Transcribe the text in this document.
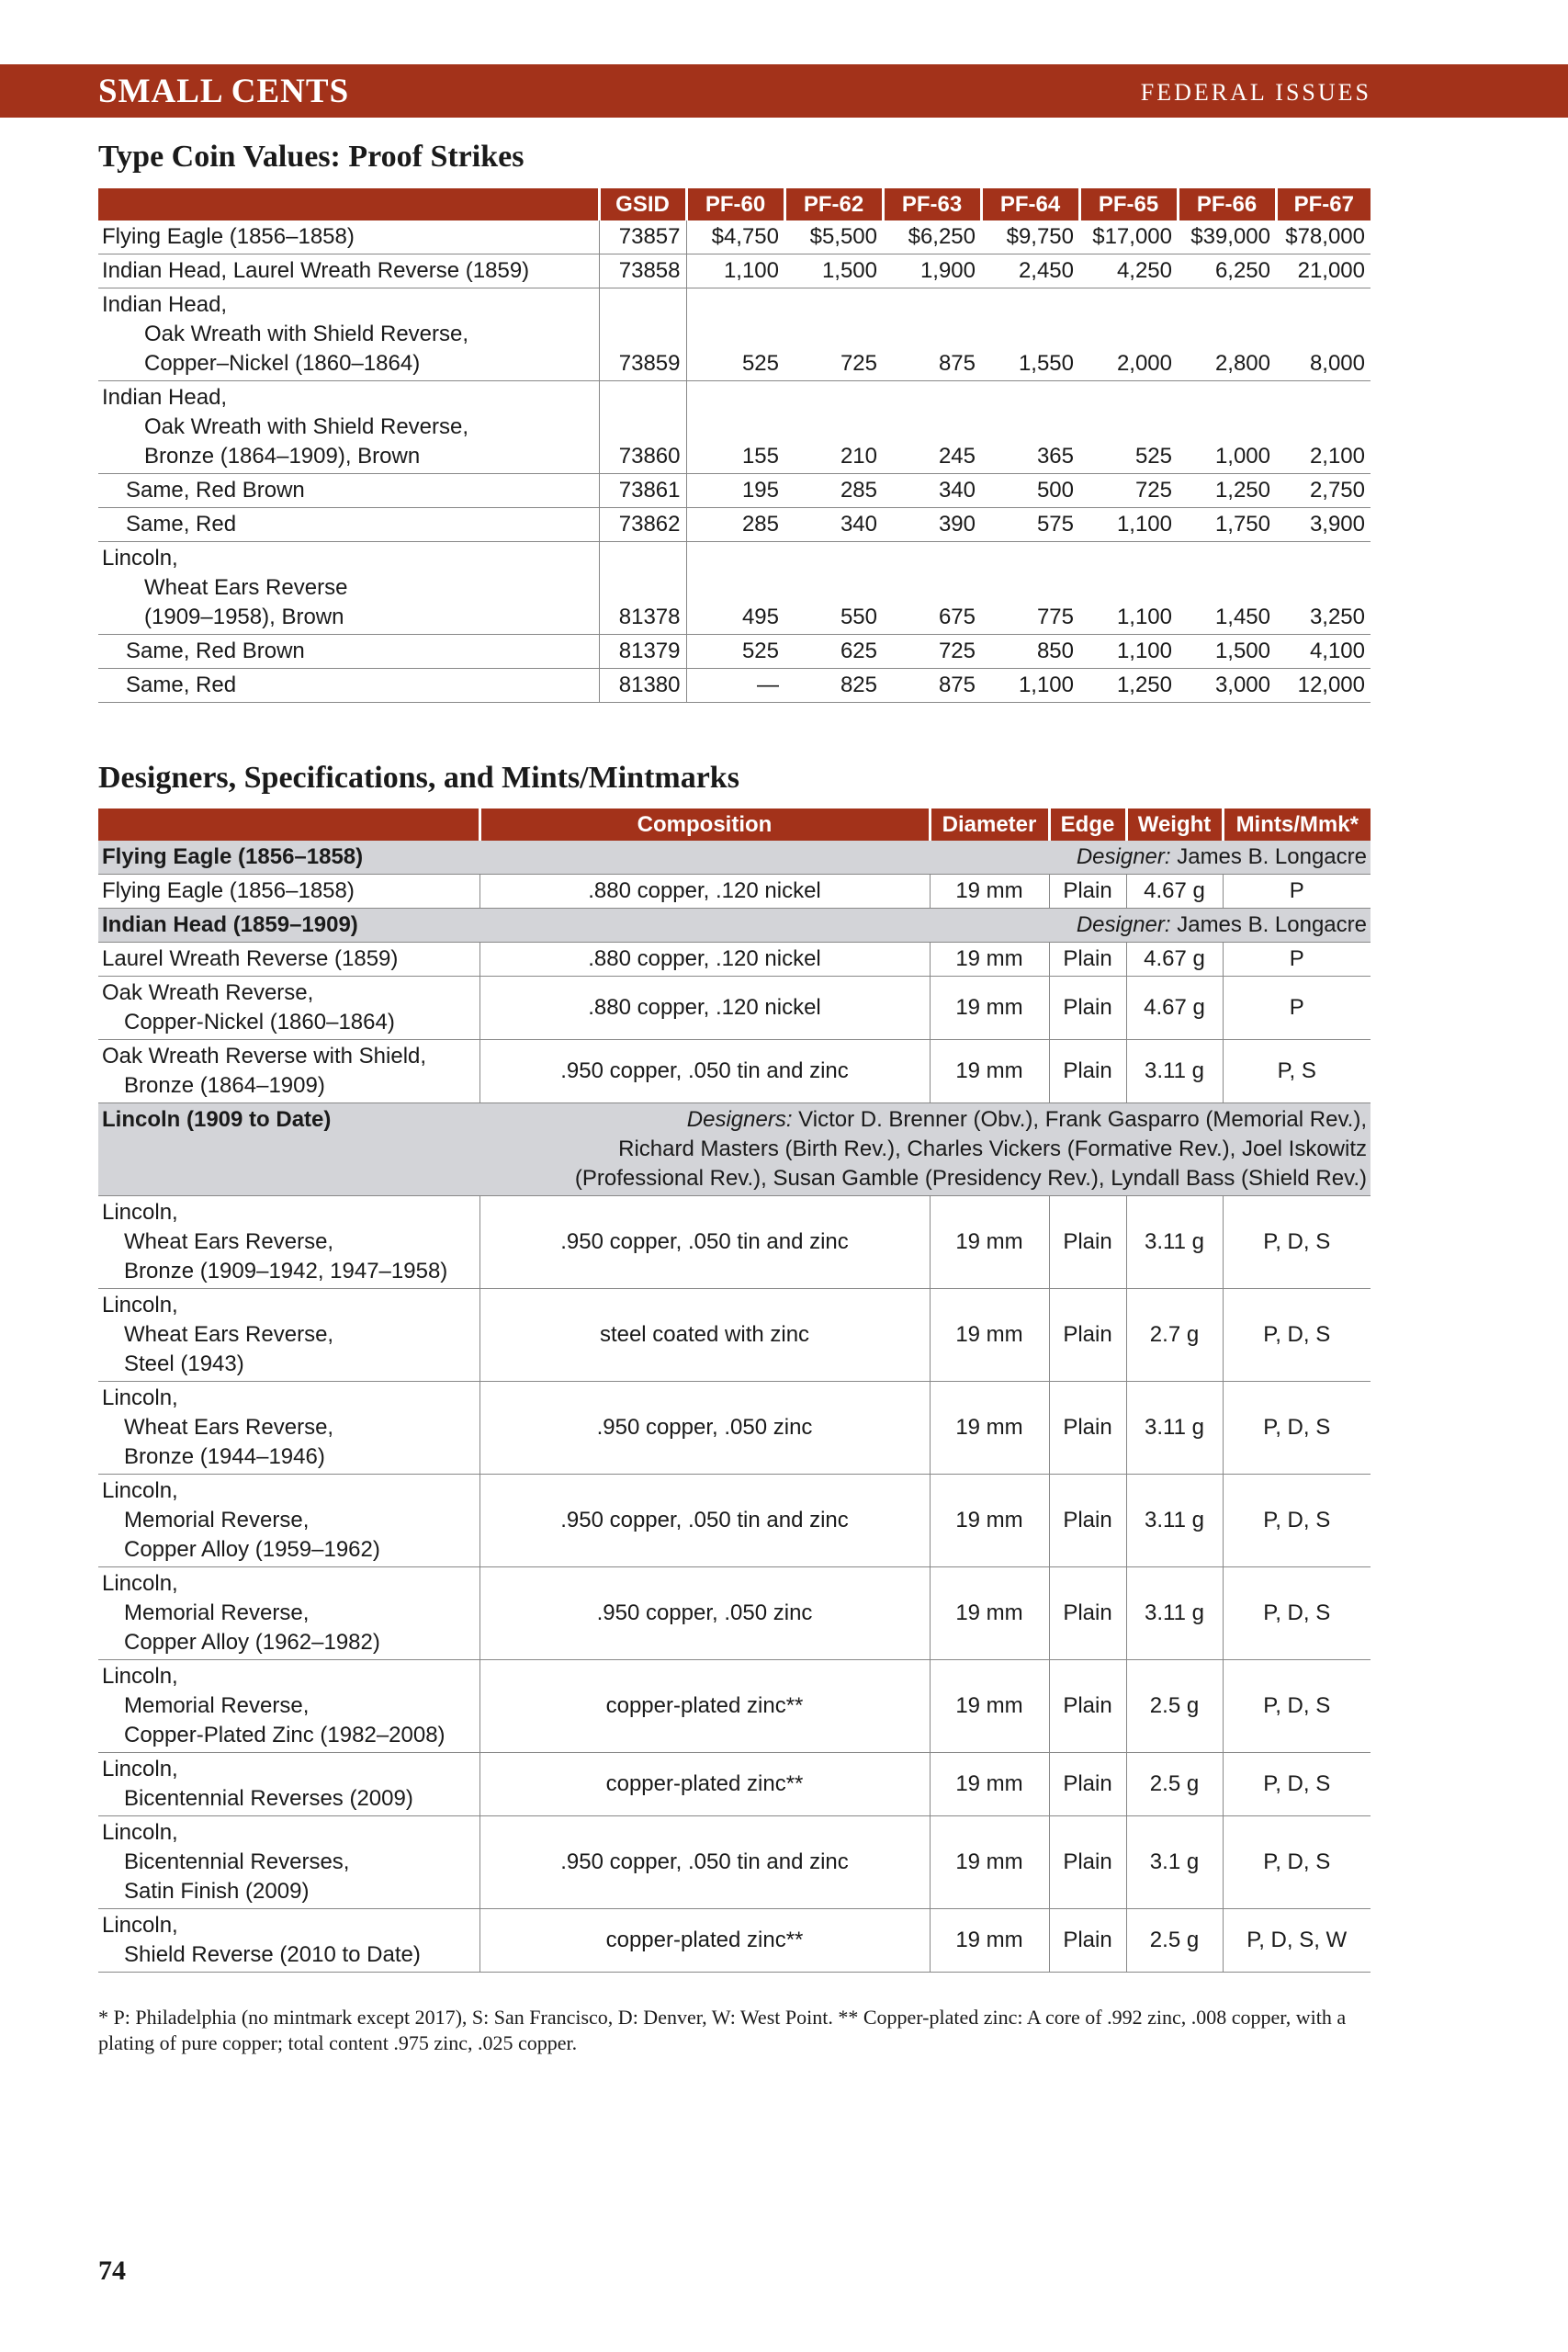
SMALL CENTS	FEDERAL ISSUES
Type Coin Values: Proof Strikes
	GSID	PF-60	PF-62	PF-63	PF-64	PF-65	PF-66	PF-67

Flying Eagle (1856–1858)	73857	$4,750	$5,500	$6,250	$9,750	$17,000	$39,000	$78,000

Indian Head, Laurel Wreath Reverse (1859)	73858	1,100	1,500	1,900	2,450	4,250	6,250	21,000

Indian Head,
Oak Wreath with Shield Reverse,
Copper–Nickel (1860–1864)	73859	525	725	875	1,550	2,000	2,800	8,000

Indian Head,
Oak Wreath with Shield Reverse,
Bronze (1864–1909), Brown	73860	155	210	245	365	525	1,000	2,100

Same, Red Brown	73861	195	285	340	500	725	1,250	2,750

Same, Red	73862	285	340	390	575	1,100	1,750	3,900

Lincoln,
Wheat Ears Reverse
(1909–1958), Brown	81378	495	550	675	775	1,100	1,450	3,250

Same, Red Brown	81379	525	625	725	850	1,100	1,500	4,100

Same, Red	81380	—	825	875	1,100	1,250	3,000	12,000
Designers, Specifications, and Mints/Mintmarks
	Composition	Diameter	Edge	Weight	Mints/Mmk*
Flying Eagle (1856–1858)	Designer: James B. Longacre				

Flying Eagle (1856–1858)	.880 copper, .120 nickel	19 mm	Plain	4.67 g	P
Indian Head (1859–1909)	Designer: James B. Longacre				

Laurel Wreath Reverse (1859)	.880 copper, .120 nickel	19 mm	Plain	4.67 g	P

Oak Wreath Reverse,
Copper-Nickel (1860–1864)	.880 copper, .120 nickel	19 mm	Plain	4.67 g	P

Oak Wreath Reverse with Shield,
Bronze (1864–1909)	.950 copper, .050 tin and zinc	19 mm	Plain	3.11 g	P, S
Lincoln (1909 to Date)	Designers: Victor D. Brenner (Obv.), Frank Gasparro (Memorial Rev.),
Richard Masters (Birth Rev.), Charles Vickers (Formative Rev.), Joel Iskowitz
(Professional Rev.), Susan Gamble (Presidency Rev.), Lyndall Bass (Shield Rev.)				

Lincoln,
Wheat Ears Reverse,
Bronze (1909–1942, 1947–1958)	.950 copper, .050 tin and zinc	19 mm	Plain	3.11 g	P, D, S

Lincoln,
Wheat Ears Reverse,
Steel (1943)	steel coated with zinc	19 mm	Plain	2.7 g	P, D, S

Lincoln,
Wheat Ears Reverse,
Bronze (1944–1946)	.950 copper, .050 zinc	19 mm	Plain	3.11 g	P, D, S

Lincoln,
Memorial Reverse,
Copper Alloy (1959–1962)	.950 copper, .050 tin and zinc	19 mm	Plain	3.11 g	P, D, S

Lincoln,
Memorial Reverse,
Copper Alloy (1962–1982)	.950 copper, .050 zinc	19 mm	Plain	3.11 g	P, D, S

Lincoln,
Memorial Reverse,
Copper-Plated Zinc (1982–2008)	copper-plated zinc**	19 mm	Plain	2.5 g	P, D, S

Lincoln,
Bicentennial Reverses (2009)	copper-plated zinc**	19 mm	Plain	2.5 g	P, D, S

Lincoln,
Bicentennial Reverses,
Satin Finish (2009)	.950 copper, .050 tin and zinc	19 mm	Plain	3.1 g	P, D, S

Lincoln,
Shield Reverse (2010 to Date)	copper-plated zinc**	19 mm	Plain	2.5 g	P, D, S, W
* P: Philadelphia (no mintmark except 2017), S: San Francisco, D: Denver, W: West Point. ** Copper-plated zinc: A core of .992 zinc, .008 copper, with a plating of pure copper; total content .975 zinc, .025 copper.
74
